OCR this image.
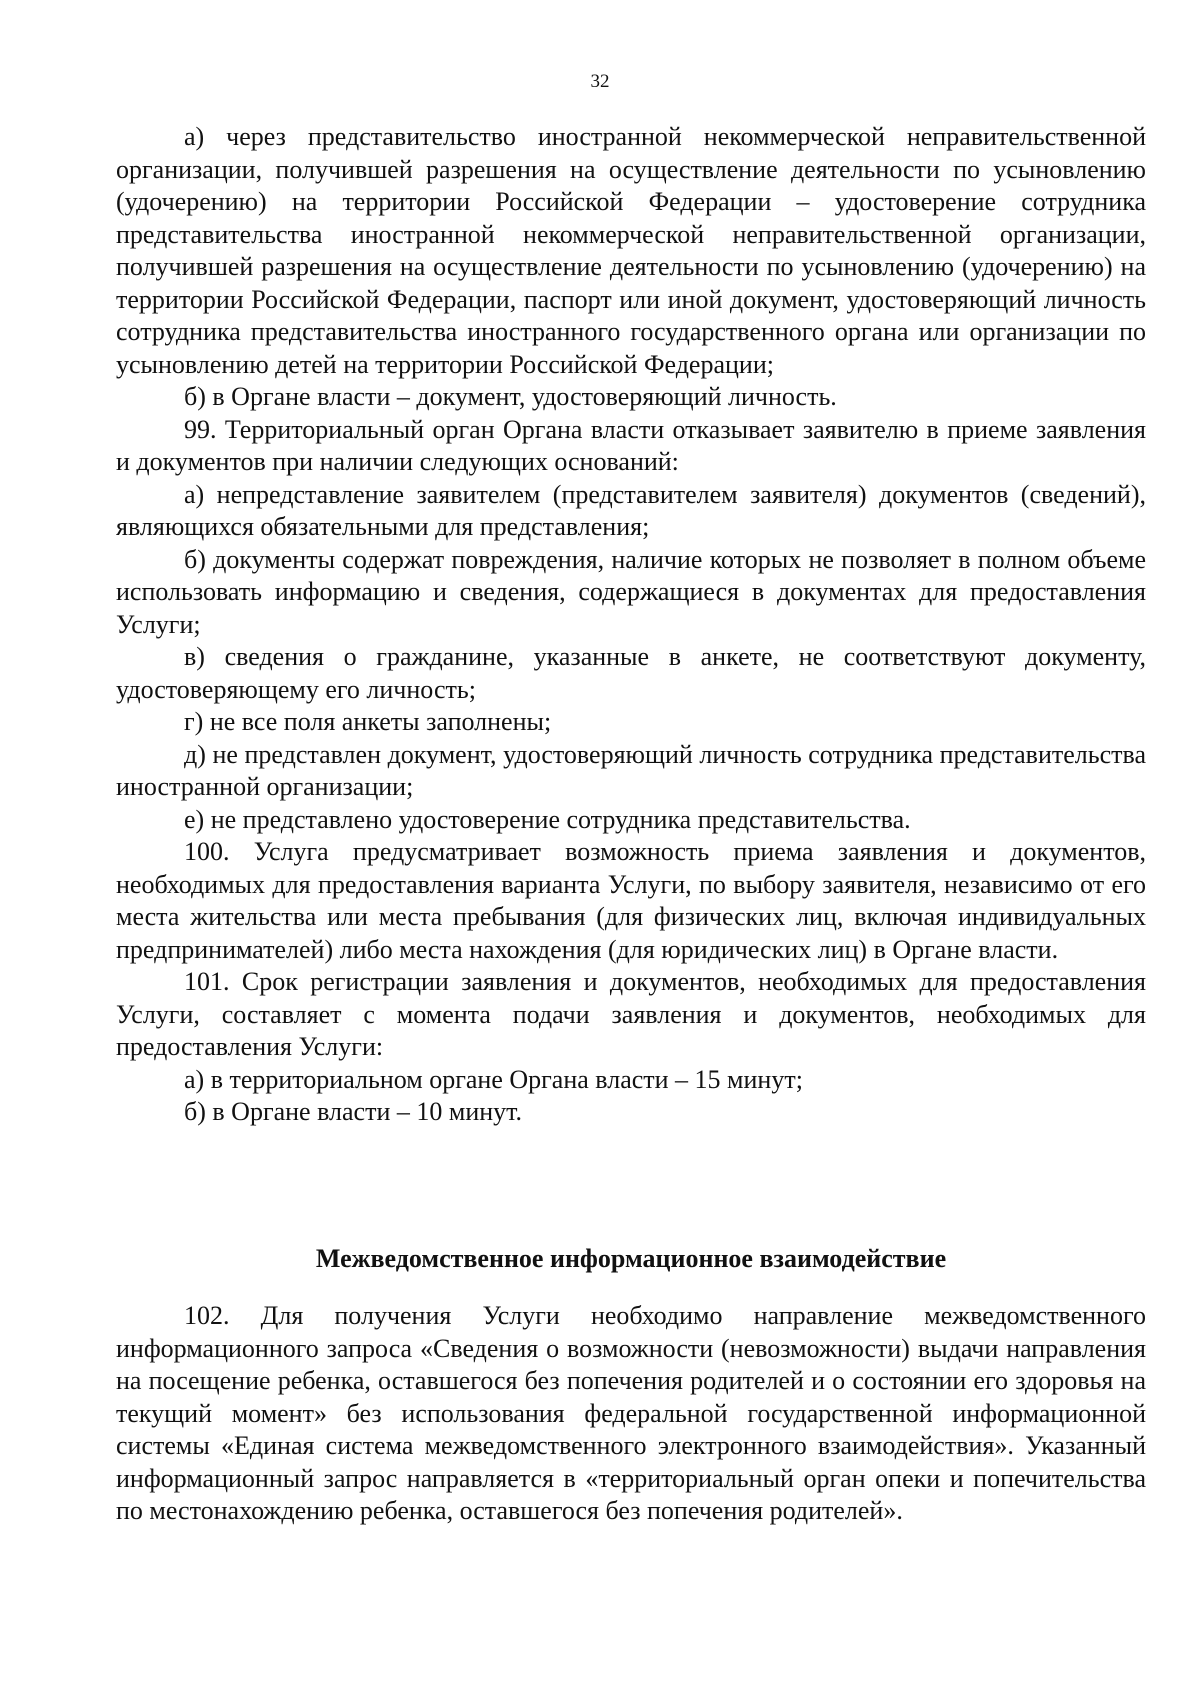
32

а) через представительство иностранной некоммерческой неправительственной организации, получившей разрешения на осуществление деятельности по усыновлению (удочерению) на территории Российской Федерации – удостоверение сотрудника представительства иностранной некоммерческой неправительственной организации, получившей разрешения на осуществление деятельности по усыновлению (удочерению) на территории Российской Федерации, паспорт или иной документ, удостоверяющий личность сотрудника представительства иностранного государственного органа или организации по усыновлению детей на территории Российской Федерации;

б) в Органе власти – документ, удостоверяющий личность.

99. Территориальный орган Органа власти отказывает заявителю в приеме заявления и документов при наличии следующих оснований:

а) непредставление заявителем (представителем заявителя) документов (сведений), являющихся обязательными для представления;

б) документы содержат повреждения, наличие которых не позволяет в полном объеме использовать информацию и сведения, содержащиеся в документах для предоставления Услуги;

в) сведения о гражданине, указанные в анкете, не соответствуют документу, удостоверяющему его личность;

г) не все поля анкеты заполнены;

д) не представлен документ, удостоверяющий личность сотрудника представительства иностранной организации;

е) не представлено удостоверение сотрудника представительства.

100. Услуга предусматривает возможность приема заявления и документов, необходимых для предоставления варианта Услуги, по выбору заявителя, независимо от его места жительства или места пребывания (для физических лиц, включая индивидуальных предпринимателей) либо места нахождения (для юридических лиц) в Органе власти.

101. Срок регистрации заявления и документов, необходимых для предоставления Услуги, составляет с момента подачи заявления и документов, необходимых для предоставления Услуги:

а) в территориальном органе Органа власти – 15 минут;

б) в Органе власти – 10 минут.

Межведомственное информационное взаимодействие

102. Для получения Услуги необходимо направление межведомственного информационного запроса «Сведения о возможности (невозможности) выдачи направления на посещение ребенка, оставшегося без попечения родителей и о состоянии его здоровья на текущий момент» без использования федеральной государственной информационной системы «Единая система межведомственного электронного взаимодействия». Указанный информационный запрос направляется в «территориальный орган опеки и попечительства по местонахождению ребенка, оставшегося без попечения родителей».
